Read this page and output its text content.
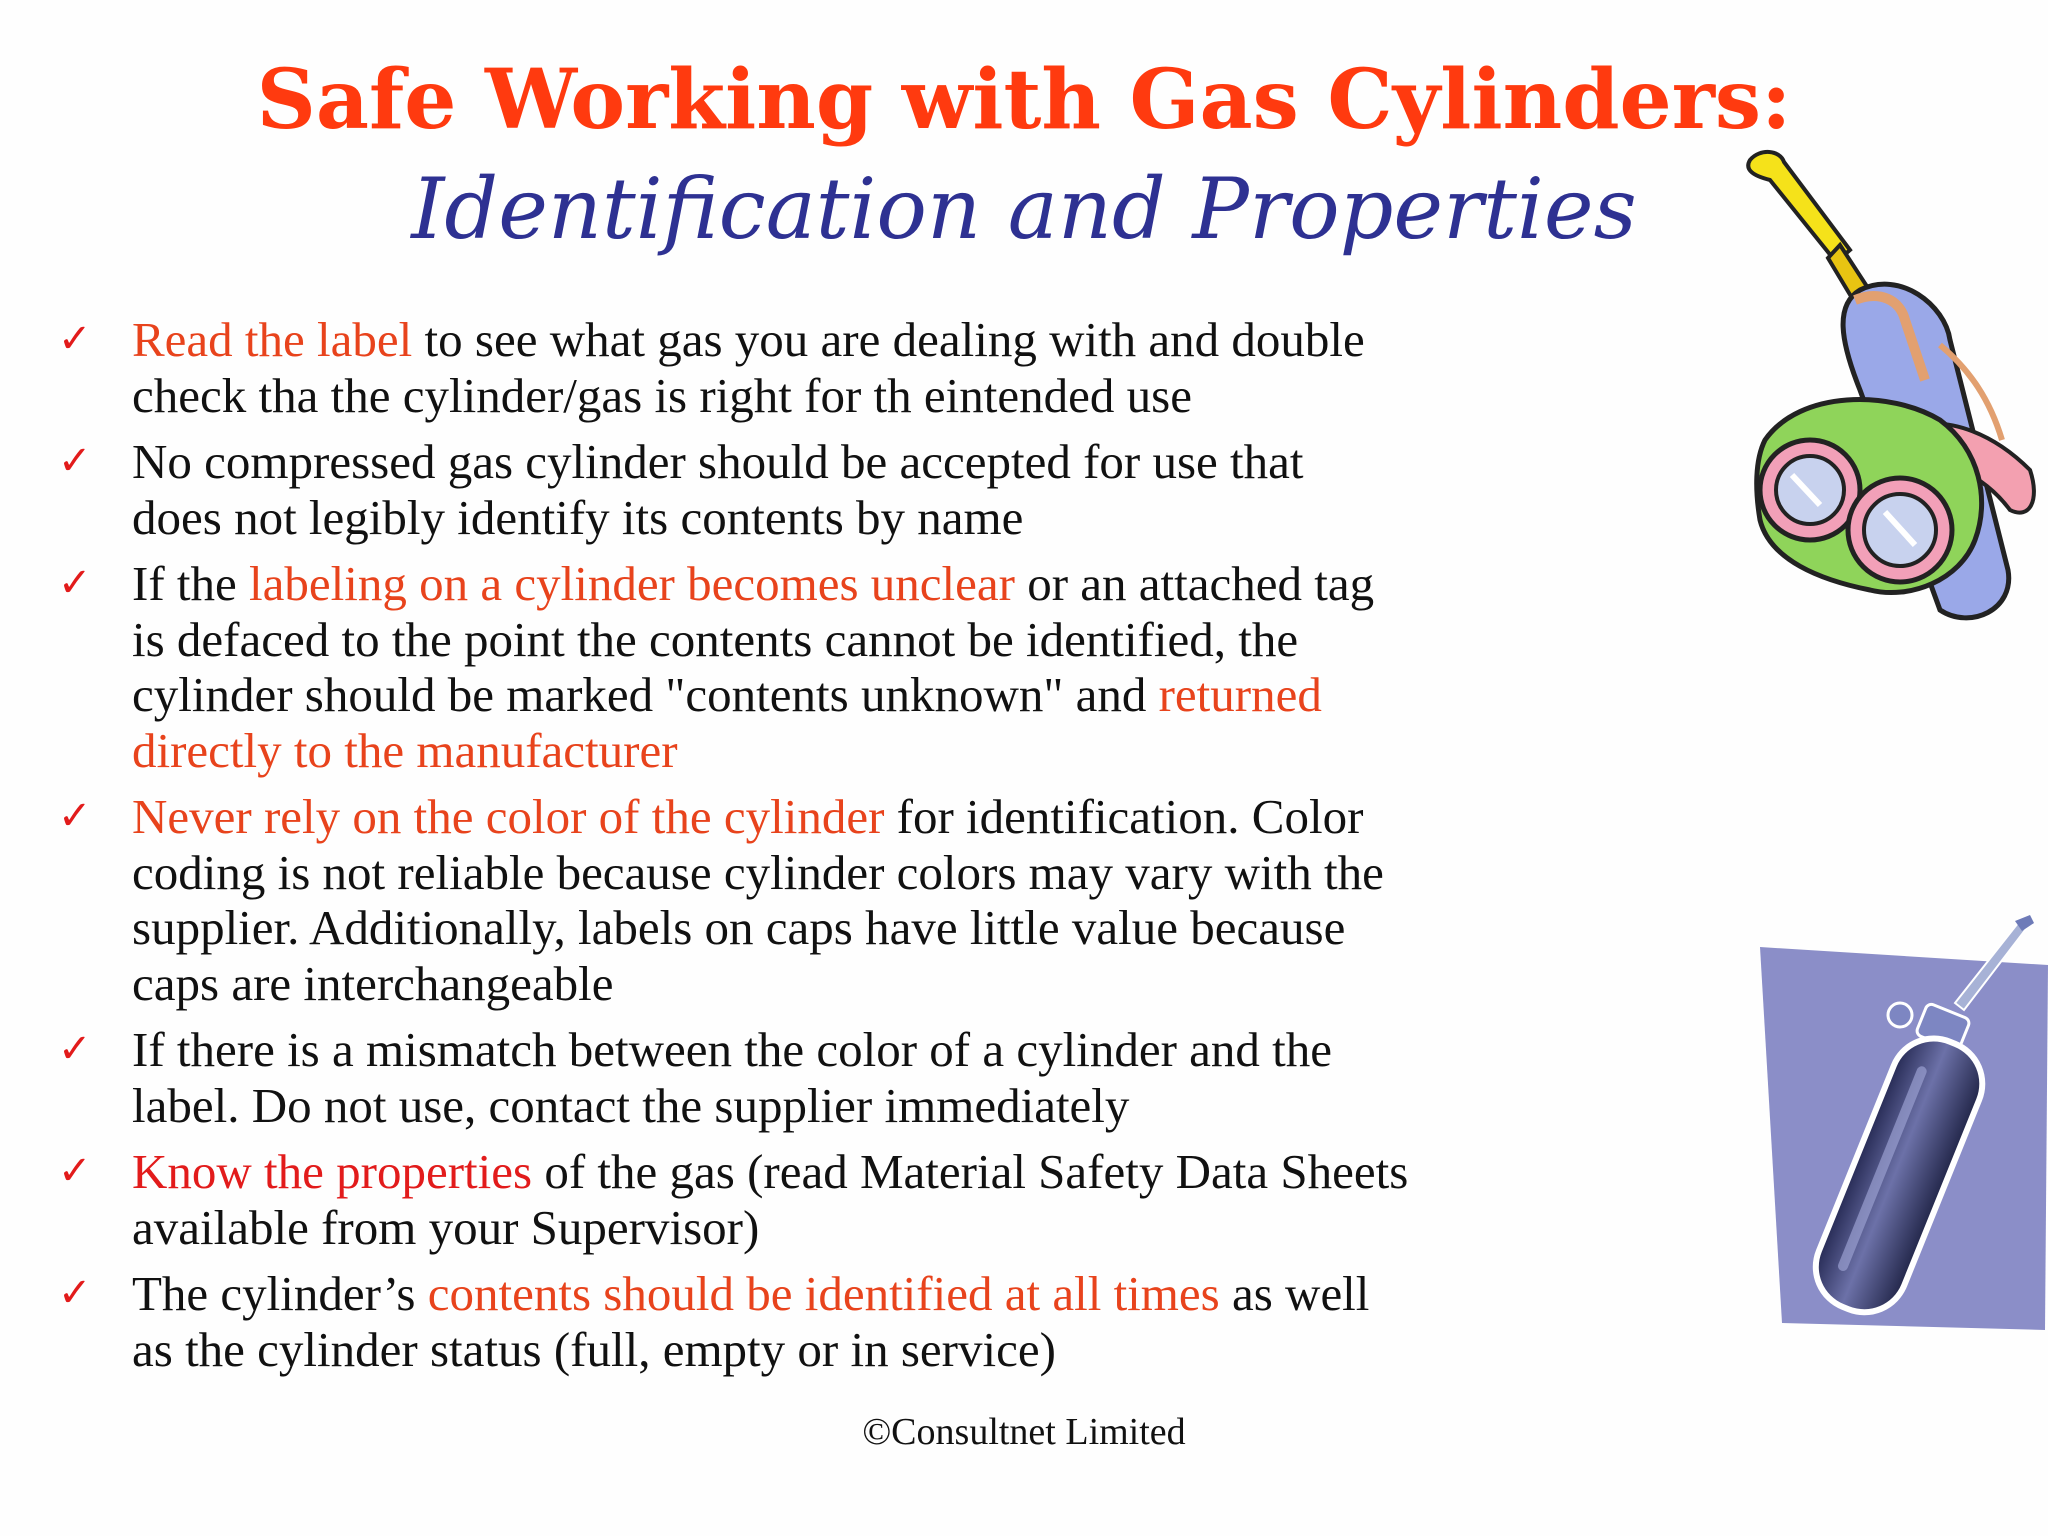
Safe Working with Gas Cylinders:
Identification and Properties
✓ Read the label to see what gas you are dealing with and double
check tha the cylinder/gas is right for th eintended use
✓ No compressed gas cylinder should be accepted for use that
does not legibly identify its contents by name
✓ If the labeling on a cylinder becomes unclear or an attached tag
is defaced to the point the contents cannot be identified, the
cylinder should be marked "contents unknown" and returned
directly to the manufacturer
✓ Never rely on the color of the cylinder for identification. Color
coding is not reliable because cylinder colors may vary with the
supplier. Additionally, labels on caps have little value because
caps are interchangeable
✓ If there is a mismatch between the color of a cylinder and the
label. Do not use, contact the supplier immediately
✓ Know the properties of the gas (read Material Safety Data Sheets
available from your Supervisor)
✓ The cylinder’s contents should be identified at all times as well
as the cylinder status (full, empty or in service)
©Consultnet Limited
